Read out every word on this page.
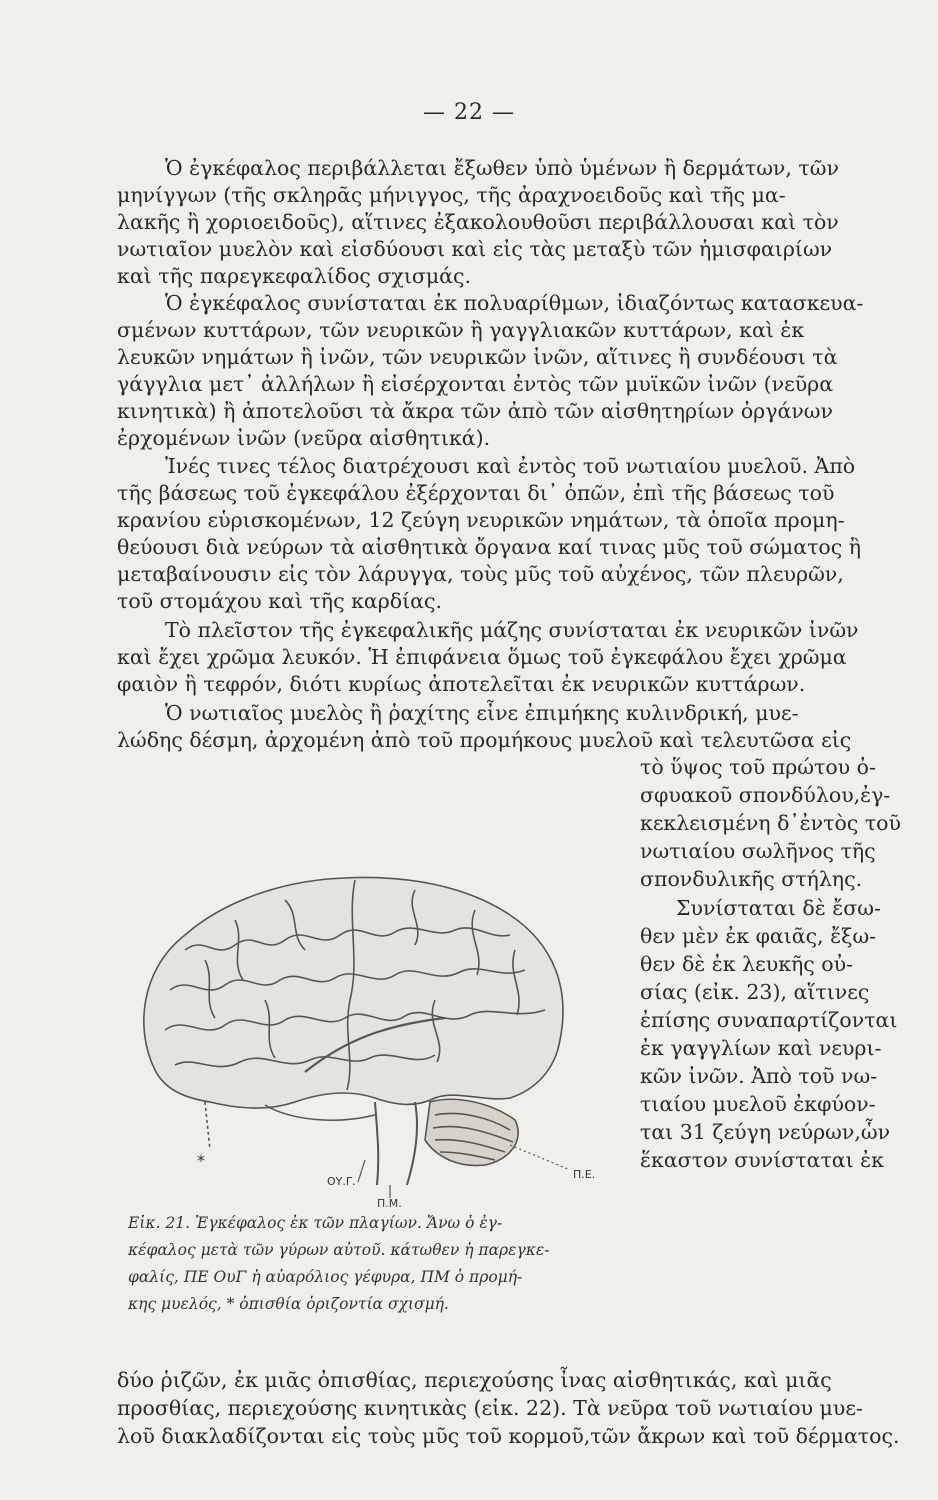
— 22 —
Ὁ ἐγκέφαλος περιβάλλεται ἔξωθεν ὑπὸ ὑμένων ἢ δερμάτων, τῶν
μηνίγγων (τῆς σκληρᾶς μήνιγγος, τῆς ἀραχνοειδοῦς καὶ τῆς μα-
λακῆς ἢ χοριοειδοῦς), αἵτινες ἐξακολουθοῦσι περιβάλλουσαι καὶ τὸν
νωτιαῖον μυελὸν καὶ εἰσδύουσι καὶ εἰς τὰς μεταξὺ τῶν ἡμισφαιρίων
καὶ τῆς παρεγκεφαλίδος σχισμάς.
Ὁ ἐγκέφαλος συνίσταται ἐκ πολυαρίθμων, ἰδιαζόντως κατασκευα-
σμένων κυττάρων, τῶν νευρικῶν ἢ γαγγλιακῶν κυττάρων, καὶ ἐκ
λευκῶν νημάτων ἢ ἰνῶν, τῶν νευρικῶν ἰνῶν, αἵτινες ἢ συνδέουσι τὰ
γάγγλια μετ᾽ ἀλλήλων ἢ εἰσέρχονται ἐντὸς τῶν μυϊκῶν ἰνῶν (νεῦρα
κινητικὰ) ἢ ἀποτελοῦσι τὰ ἄκρα τῶν ἀπὸ τῶν αἰσθητηρίων ὀργάνων
ἐρχομένων ἰνῶν (νεῦρα αἰσθητικά).
Ἰνές τινες τέλος διατρέχουσι καὶ ἐντὸς τοῦ νωτιαίου μυελοῦ. Ἀπὸ
τῆς βάσεως τοῦ ἐγκεφάλου ἐξέρχονται δι᾽ ὀπῶν, ἐπὶ τῆς βάσεως τοῦ
κρανίου εὑρισκομένων, 12 ζεύγη νευρικῶν νημάτων, τὰ ὁποῖα προμη-
θεύουσι διὰ νεύρων τὰ αἰσθητικὰ ὄργανα καί τινας μῦς τοῦ σώματος ἢ
μεταβαίνουσιν εἰς τὸν λάρυγγα, τοὺς μῦς τοῦ αὐχένος, τῶν πλευρῶν,
τοῦ στομάχου καὶ τῆς καρδίας.
Τὸ πλεῖστον τῆς ἐγκεφαλικῆς μάζης συνίσταται ἐκ νευρικῶν ἰνῶν
καὶ ἔχει χρῶμα λευκόν. Ἡ ἐπιφάνεια ὅμως τοῦ ἐγκεφάλου ἔχει χρῶμα
φαιὸν ἢ τεφρόν, διότι κυρίως ἀποτελεῖται ἐκ νευρικῶν κυττάρων.
Ὁ νωτιαῖος μυελὸς ἢ ῥαχίτης εἶνε ἐπιμήκης κυλινδρική, μυε-
λώδης δέσμη, ἀρχομένη ἀπὸ τοῦ προμήκους μυελοῦ καὶ τελευτῶσα εἰς
τὸ ὕψος τοῦ πρώτου ὀ-
σφυακοῦ σπονδύλου,ἐγ-
κεκλεισμένη δ᾽ἐντὸς τοῦ
νωτιαίου σωλῆνος τῆς
σπονδυλικῆς στήλης.
Συνίσταται δὲ ἔσω-
θεν μὲν ἐκ φαιᾶς, ἔξω-
θεν δὲ ἐκ λευκῆς οὐ-
σίας (εἰκ. 23), αἵτινες
ἐπίσης συναπαρτίζονται
ἐκ γαγγλίων καὶ νευρι-
κῶν ἰνῶν. Ἀπὸ τοῦ νω-
τιαίου μυελοῦ ἐκφύον-
ται 31 ζεύγη νεύρων,ὧν
ἕκαστον συνίσταται ἐκ
*
ΟΥ.Γ.
Π.Ε.
Π.Μ.
Εἰκ. 21. Ἐγκέφαλος ἐκ τῶν πλαγίων. Ἄνω ὁ ἐγ-
κέφαλος μετὰ τῶν γύρων αὐτοῦ. κάτωθεν ἡ παρεγκε-
φαλίς, ΠΕ ΟυΓ ἡ αὐαρόλιος γέφυρα, ΠΜ ὁ προμή-
κης μυελός, * ὀπισθία ὁριζοντία σχισμή.
δύο ῥιζῶν, ἐκ μιᾶς ὀπισθίας, περιεχούσης ἶνας αἰσθητικάς, καὶ μιᾶς
προσθίας, περιεχούσης κινητικὰς (εἰκ. 22). Τὰ νεῦρα τοῦ νωτιαίου μυε-
λοῦ διακλαδίζονται εἰς τοὺς μῦς τοῦ κορμοῦ,τῶν ἄκρων καὶ τοῦ δέρματος.
